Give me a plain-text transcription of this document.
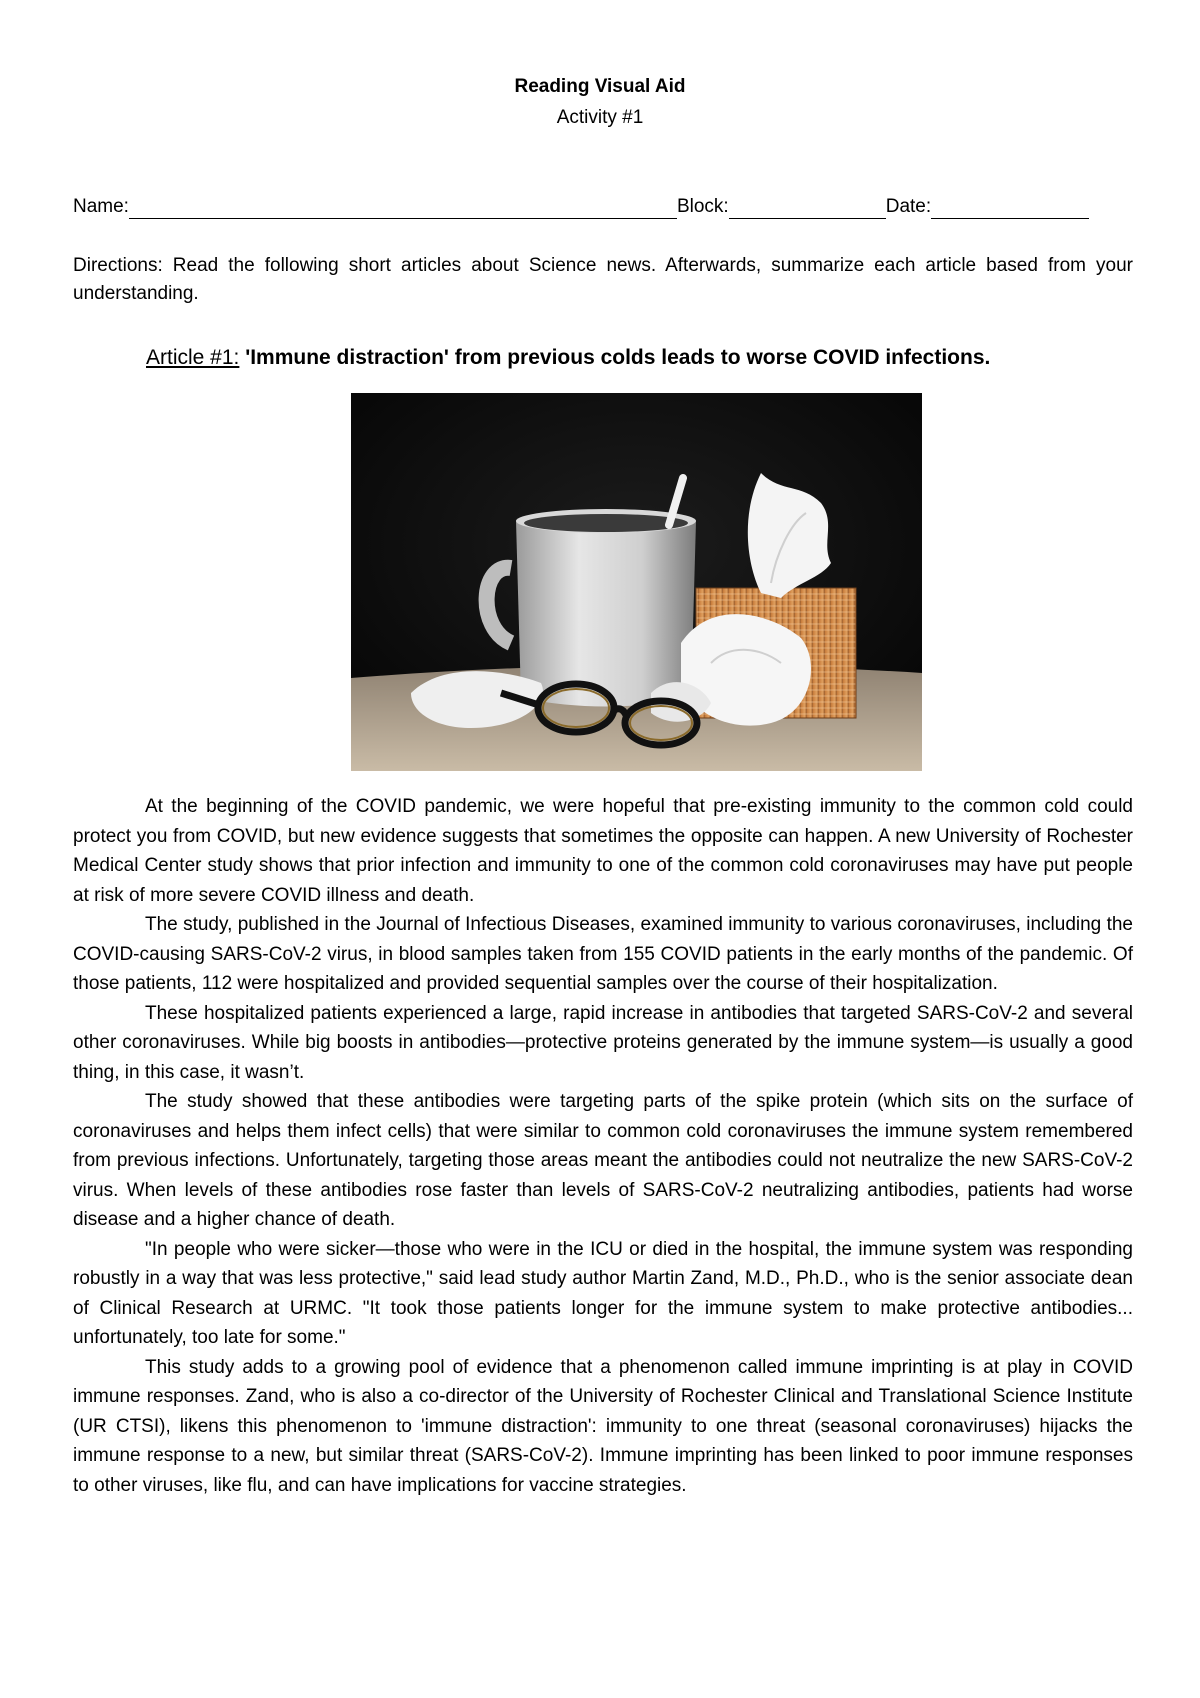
Reading Visual Aid
Activity #1
Name:	Block:	Date:
Directions: Read the following short articles about Science news. Afterwards, summarize each article based from your understanding.
Article #1: 'Immune distraction' from previous colds leads to worse COVID infections.

At the beginning of the COVID pandemic, we were hopeful that pre-existing immunity to the common cold could protect you from COVID, but new evidence suggests that sometimes the opposite can happen. A new University of Rochester Medical Center study shows that prior infection and immunity to one of the common cold coronaviruses may have put people at risk of more severe COVID illness and death.

The study, published in the Journal of Infectious Diseases, examined immunity to various coronaviruses, including the COVID-causing SARS-CoV-2 virus, in blood samples taken from 155 COVID patients in the early months of the pandemic. Of those patients, 112 were hospitalized and provided sequential samples over the course of their hospitalization.

These hospitalized patients experienced a large, rapid increase in antibodies that targeted SARS-CoV-2 and several other coronaviruses. While big boosts in antibodies—protective proteins generated by the immune system—is usually a good thing, in this case, it wasn’t.

The study showed that these antibodies were targeting parts of the spike protein (which sits on the surface of coronaviruses and helps them infect cells) that were similar to common cold coronaviruses the immune system remembered from previous infections. Unfortunately, targeting those areas meant the antibodies could not neutralize the new SARS-CoV-2 virus. When levels of these antibodies rose faster than levels of SARS-CoV-2 neutralizing antibodies, patients had worse disease and a higher chance of death.

"In people who were sicker—those who were in the ICU or died in the hospital, the immune system was responding robustly in a way that was less protective," said lead study author Martin Zand, M.D., Ph.D., who is the senior associate dean of Clinical Research at URMC. "It took those patients longer for the immune system to make protective antibodies... unfortunately, too late for some."

This study adds to a growing pool of evidence that a phenomenon called immune imprinting is at play in COVID immune responses. Zand, who is also a co-director of the University of Rochester Clinical and Translational Science Institute (UR CTSI), likens this phenomenon to 'immune distraction': immunity to one threat (seasonal coronaviruses) hijacks the immune response to a new, but similar threat (SARS-CoV-2). Immune imprinting has been linked to poor immune responses to other viruses, like flu, and can have implications for vaccine strategies.
